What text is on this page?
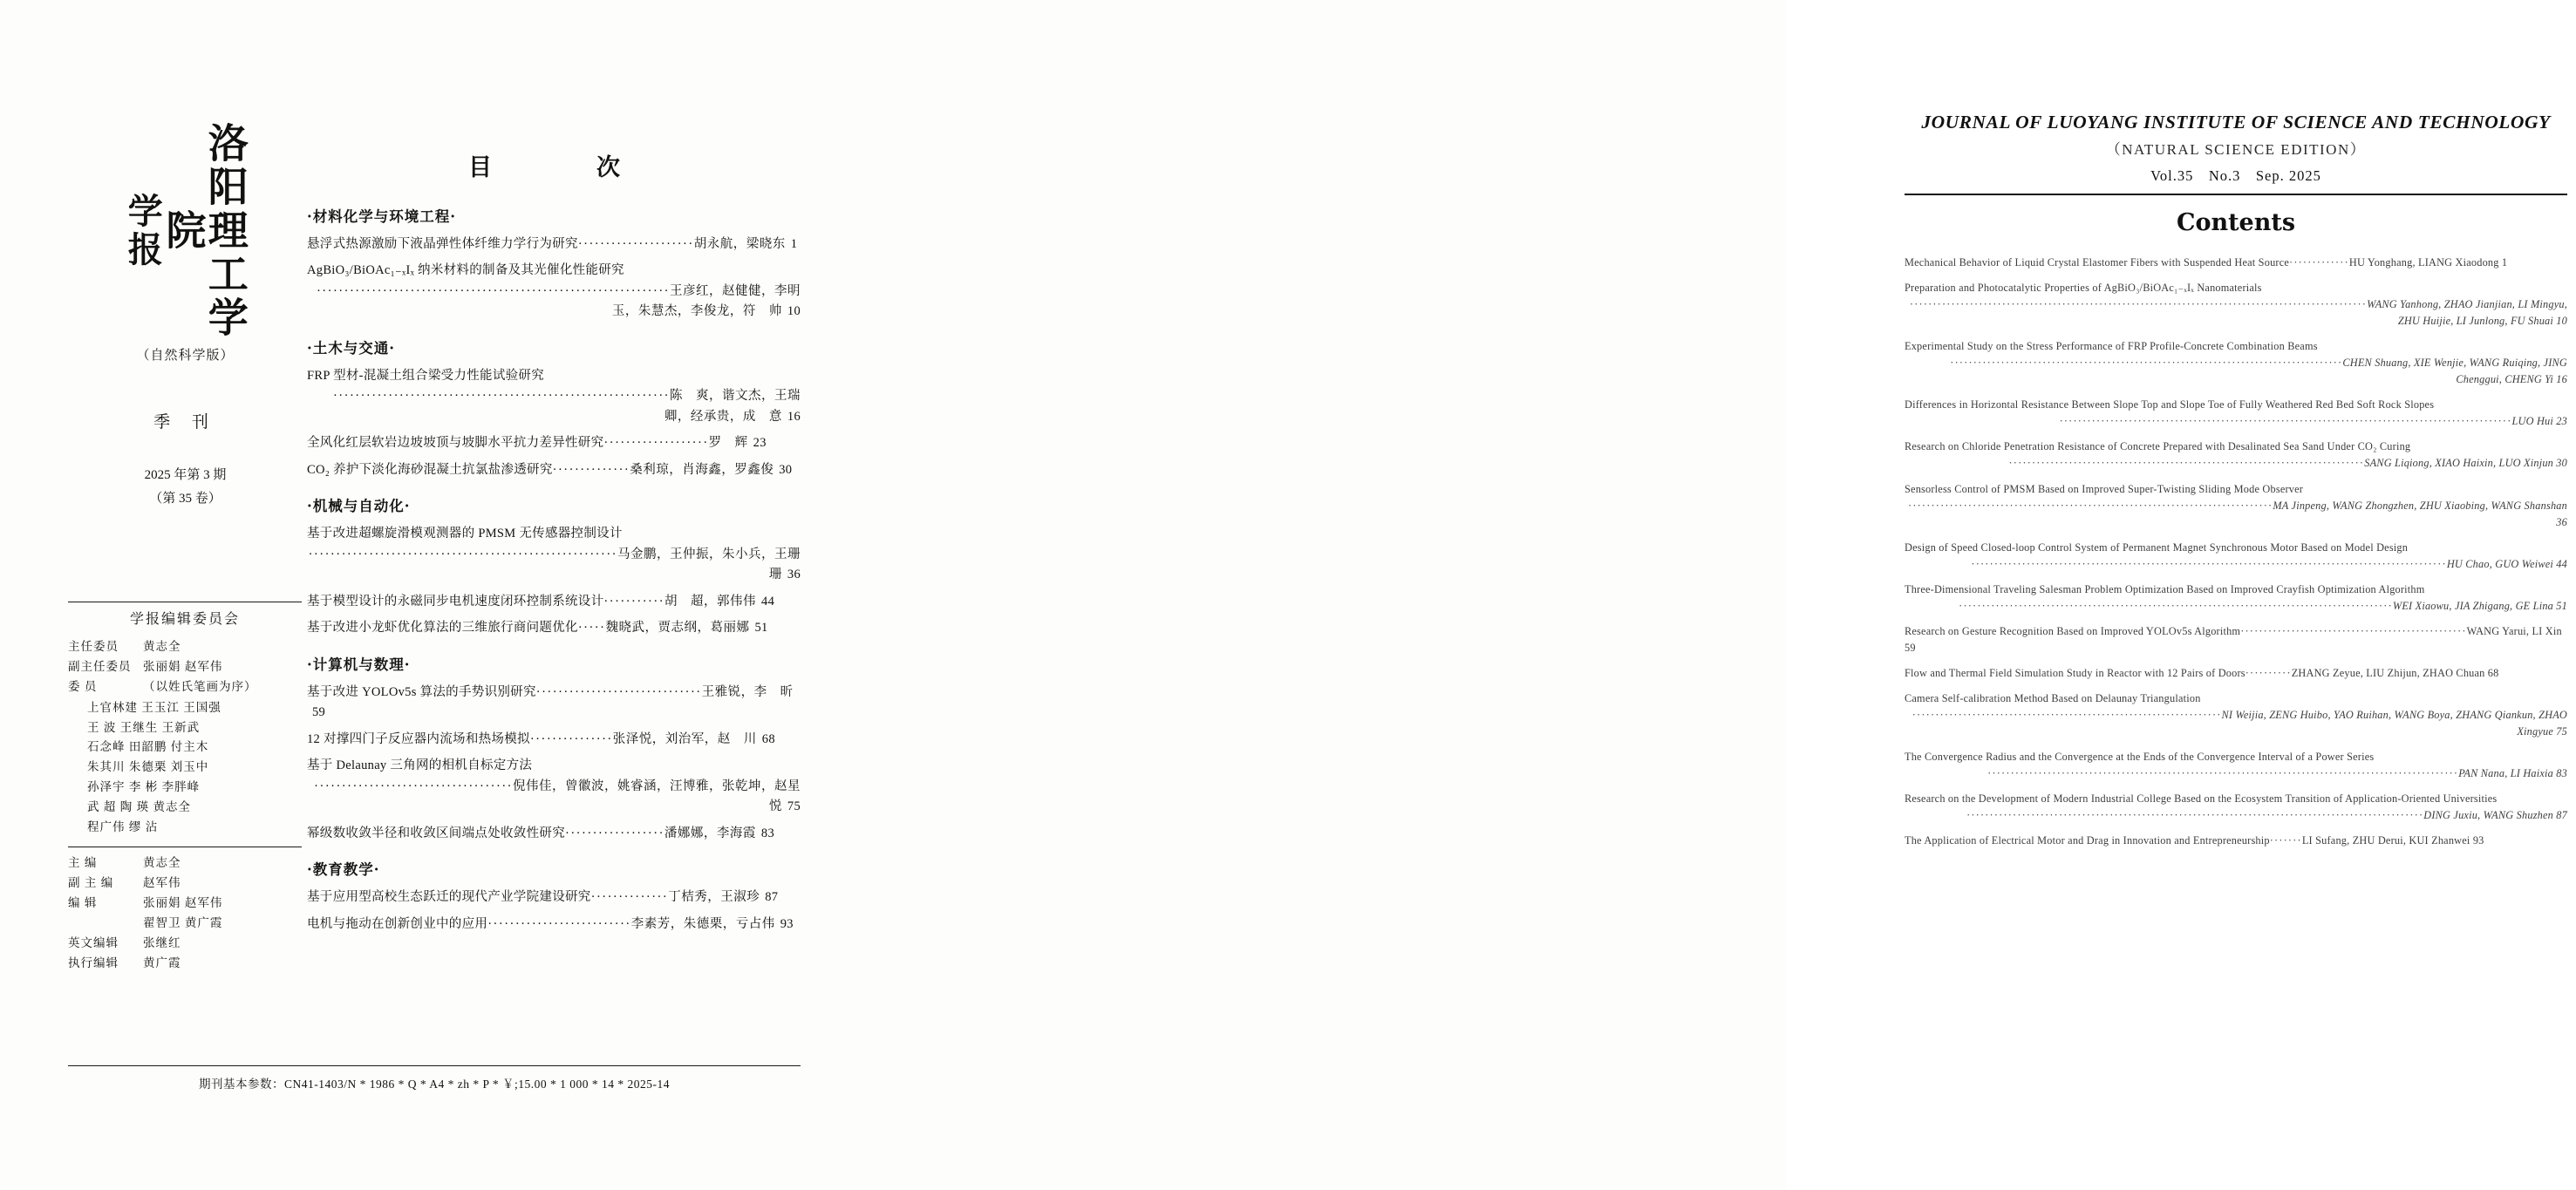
洛阳理工学院
学报
（自然科学版）
季 刊
2025 年第 3 期
（第 35 卷）
学报编辑委员会
主任委员	黄志全
副主任委员	张丽娟 赵军伟
委 员	（以姓氏笔画为序）
上官林建 王玉江 王国强
王 波 王继生 王新武
石念峰 田韶鹏 付主木
朱其川 朱德栗 刘玉中
孙泽宇 李 彬 李胖峰
武 超 陶 瑛 黄志全
程广伟 缪 沾
主 编	黄志全
副 主 编	赵军伟
编 辑	张丽娟 赵军伟
翟智卫 黄广霞
英文编辑	张继红
执行编辑	黄广霞
期刊基本参数：CN41-1403/N * 1986 * Q * A4 * zh * P * ￥;15.00 * 1 000 * 14 * 2025-14
目　　次
·材料化学与环境工程·
悬浮式热源激励下液晶弹性体纤维力学行为研究·····················胡永航，梁晓东 1
AgBiO₃/BiOAc₁₋ₓIₓ 纳米材料的制备及其光催化性能研究
································································王彦红，赵健健，李明玉，朱慧杰，李俊龙，符　帅 10
·土木与交通·
FRP 型材-混凝土组合梁受力性能试验研究
·····························································陈　爽，谐文杰，王瑞卿，经承贵，成　意 16
全风化红层软岩边坡坡顶与坡脚水平抗力差异性研究···················罗　辉 23
CO₂ 养护下淡化海砂混凝土抗氯盐渗透研究··············桑利琼，肖海鑫，罗鑫俊 30
·机械与自动化·
基于改进超螺旋滑模观测器的 PMSM 无传感器控制设计
························································马金鹏，王仲振，朱小兵，王珊珊 36
基于模型设计的永磁同步电机速度闭环控制系统设计···········胡　超，郭伟伟 44
基于改进小龙虾优化算法的三维旅行商问题优化·····魏晓武，贾志纲，葛丽娜 51
·计算机与数理·
基于改进 YOLOv5s 算法的手势识别研究······························王雅锐，李　昕59
12 对撑四门子反应器内流场和热场模拟···············张泽悦，刘治军，赵　川 68
基于 Delaunay 三角网的相机自标定方法
····································倪伟佳，曾徽波，姚睿涵，汪博雅，张乾坤，赵星悦 75
幂级数收敛半径和收敛区间端点处收敛性研究··················潘娜娜，李海霞 83
·教育教学·
基于应用型高校生态跃迁的现代产业学院建设研究··············丁桔秀，王淑珍 87
电机与拖动在创新创业中的应用··························李素芳，朱德栗，亏占伟 93
JOURNAL OF LUOYANG INSTITUTE OF SCIENCE AND TECHNOLOGY
（NATURAL SCIENCE EDITION）
Vol.35　No.3　Sep. 2025
Contents
Mechanical Behavior of Liquid Crystal Elastomer Fibers with Suspended Heat Source·············HU Yonghang, LIANG Xiaodong 1
Preparation and Photocatalytic Properties of AgBiO₃/BiOAc₁₋ₓIₓ Nanomaterials
···································································································WANG Yanhong, ZHAO Jianjian, LI Mingyu, ZHU Huijie, LI Junlong, FU Shuai 10
Experimental Study on the Stress Performance of FRP Profile-Concrete Combination Beams
·····················································································CHEN Shuang, XIE Wenjie, WANG Ruiqing, JING Chenggui, CHENG Yi 16
Differences in Horizontal Resistance Between Slope Top and Slope Toe of Fully Weathered Red Bed Soft Rock Slopes
··································································································LUO Hui 23
Research on Chloride Penetration Resistance of Concrete Prepared with Desalinated Sea Sand Under CO₂ Curing
·············································································SANG Liqiong, XIAO Haixin, LUO Xinjun 30
Sensorless Control of PMSM Based on Improved Super-Twisting Sliding Mode Observer
···············································································MA Jinpeng, WANG Zhongzhen, ZHU Xiaobing, WANG Shanshan 36
Design of Speed Closed-loop Control System of Permanent Magnet Synchronous Motor Based on Model Design
·······································································································HU Chao, GUO Weiwei 44
Three-Dimensional Traveling Salesman Problem Optimization Based on Improved Crayfish Optimization Algorithm
······························································································WEI Xiaowu, JIA Zhigang, GE Lina 51
Research on Gesture Recognition Based on Improved YOLOv5s Algorithm·················································WANG Yarui, LI Xin 59
Flow and Thermal Field Simulation Study in Reactor with 12 Pairs of Doors··········ZHANG Zeyue, LIU Zhijun, ZHAO Chuan 68
Camera Self-calibration Method Based on Delaunay Triangulation
···································································NI Weijia, ZENG Huibo, YAO Ruihan, WANG Boya, ZHANG Qiankun, ZHAO Xingyue 75
The Convergence Radius and the Convergence at the Ends of the Convergence Interval of a Power Series
······································································································PAN Nana, LI Haixia 83
Research on the Development of Modern Industrial College Based on the Ecosystem Transition of Application-Oriented Universities
···································································································DING Juxiu, WANG Shuzhen 87
The Application of Electrical Motor and Drag in Innovation and Entrepreneurship·······LI Sufang, ZHU Derui, KUI Zhanwei 93
